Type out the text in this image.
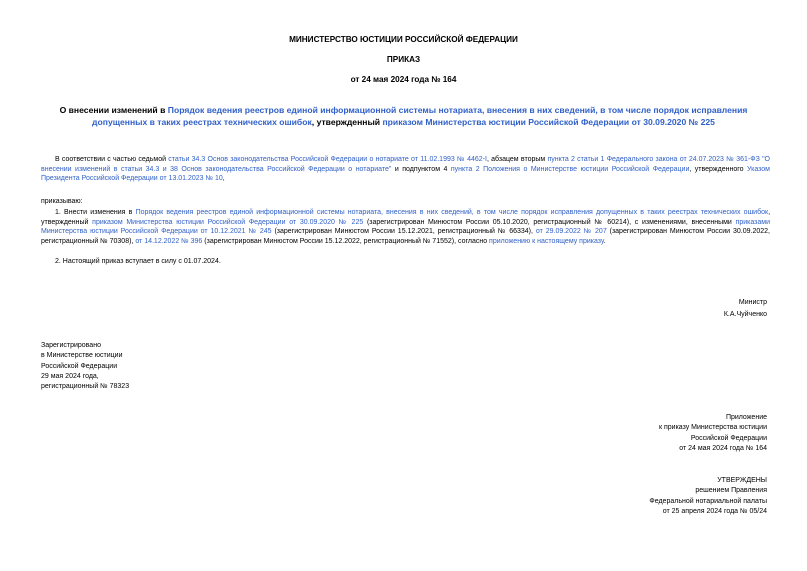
МИНИСТЕРСТВО ЮСТИЦИИ РОССИЙСКОЙ ФЕДЕРАЦИИ
ПРИКАЗ
от 24 мая 2024 года № 164
О внесении изменений в Порядок ведения реестров единой информационной системы нотариата, внесения в них сведений, в том числе порядок исправления допущенных в таких реестрах технических ошибок, утвержденный приказом Министерства юстиции Российской Федерации от 30.09.2020 № 225
В соответствии с частью седьмой статьи 34.3 Основ законодательства Российской Федерации о нотариате от 11.02.1993 № 4462-I, абзацем вторым пункта 2 статьи 1 Федерального закона от 24.07.2023 № 361-ФЗ "О внесении изменений в статьи 34.3 и 38 Основ законодательства Российской Федерации о нотариате" и подпунктом 4 пункта 2 Положения о Министерстве юстиции Российской Федерации, утвержденного Указом Президента Российской Федерации от 13.01.2023 № 10,
приказываю:
1. Внести изменения в Порядок ведения реестров единой информационной системы нотариата, внесения в них сведений, в том числе порядок исправления допущенных в таких реестрах технических ошибок, утвержденный приказом Министерства юстиции Российской Федерации от 30.09.2020 № 225 (зарегистрирован Минюстом России 05.10.2020, регистрационный № 60214), с изменениями, внесенными приказами Министерства юстиции Российской Федерации от 10.12.2021 № 245 (зарегистрирован Минюстом России 15.12.2021, регистрационный № 66334), от 29.09.2022 № 207 (зарегистрирован Минюстом России 30.09.2022, регистрационный № 70308), от 14.12.2022 № 396 (зарегистрирован Минюстом России 15.12.2022, регистрационный № 71552), согласно приложению к настоящему приказу.
2. Настоящий приказ вступает в силу с 01.07.2024.
Министр
К.А.Чуйченко
Зарегистрировано
в Министерстве юстиции
Российской Федерации
29 мая 2024 года,
регистрационный № 78323
Приложение
к приказу Министерства юстиции
Российской Федерации
от 24 мая 2024 года № 164
УТВЕРЖДЕНЫ
решением Правления
Федеральной нотариальной палаты
от 25 апреля 2024 года № 05/24
